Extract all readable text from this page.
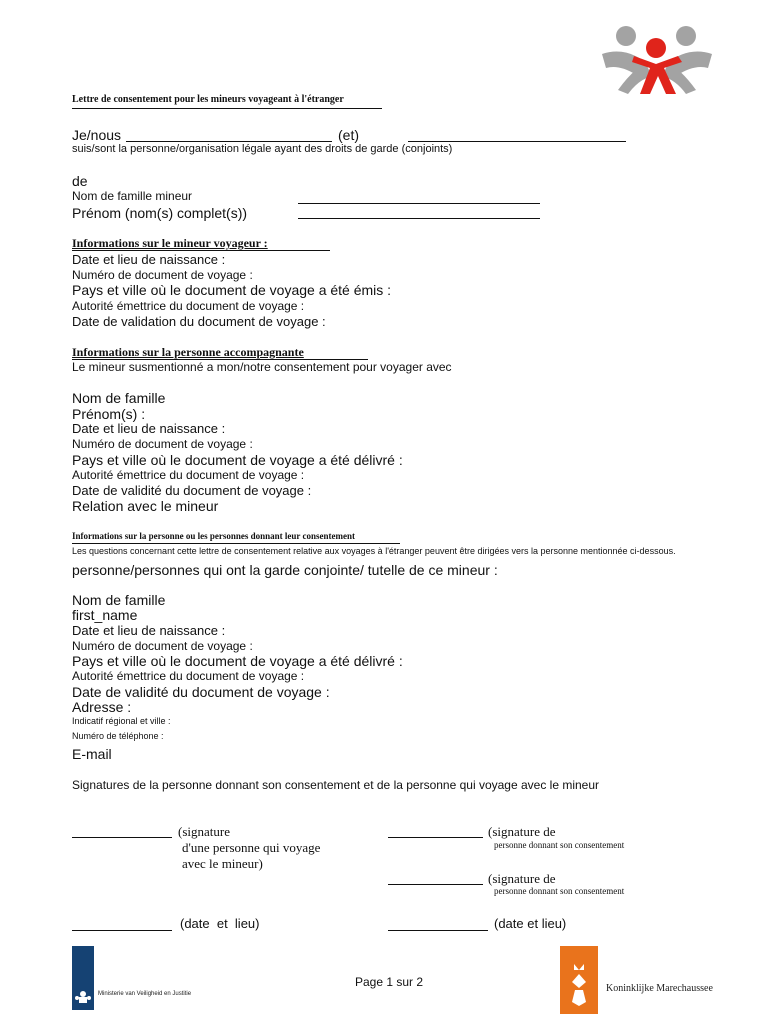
Lettre de consentement pour les mineurs voyageant à l'étranger
Je/nous	(et)
suis/sont la personne/organisation légale ayant des droits de garde (conjoints)
de
Nom de famille mineur
Prénom (nom(s) complet(s))
Informations sur le mineur voyageur :
Date et lieu de naissance :
Numéro de document de voyage :
Pays et ville où le document de voyage a été émis :
Autorité émettrice du document de voyage :
Date de validation du document de voyage :
Informations sur la personne accompagnante
Le mineur susmentionné a mon/notre consentement pour voyager avec
Nom de famille
Prénom(s) :
Date et lieu de naissance :
Numéro de document de voyage :
Pays et ville où le document de voyage a été délivré :
Autorité émettrice du document de voyage :
Date de validité du document de voyage :
Relation avec le mineur
Informations sur la personne ou les personnes donnant leur consentement
Les questions concernant cette lettre de consentement relative aux voyages à l'étranger peuvent être dirigées vers la personne mentionnée ci-dessous.
personne/personnes qui ont la garde conjointe/ tutelle de ce mineur :
Nom de famille
first_name
Date et lieu de naissance :
Numéro de document de voyage :
Pays et ville où le document de voyage a été délivré :
Autorité émettrice du document de voyage :
Date de validité du document de voyage :
Adresse :
Indicatif régional et ville :
Numéro de téléphone :
E-mail
Signatures de la personne donnant son consentement et de la personne qui voyage avec le mineur
(signature
d'une personne qui voyage
avec le mineur)
(signature de
personne donnant son consentement
(signature de
personne donnant son consentement
(date  et  lieu)	(date et lieu)
Ministerie van Veiligheid en Justitie
Page 1 sur 2	Koninklijke Marechaussee
